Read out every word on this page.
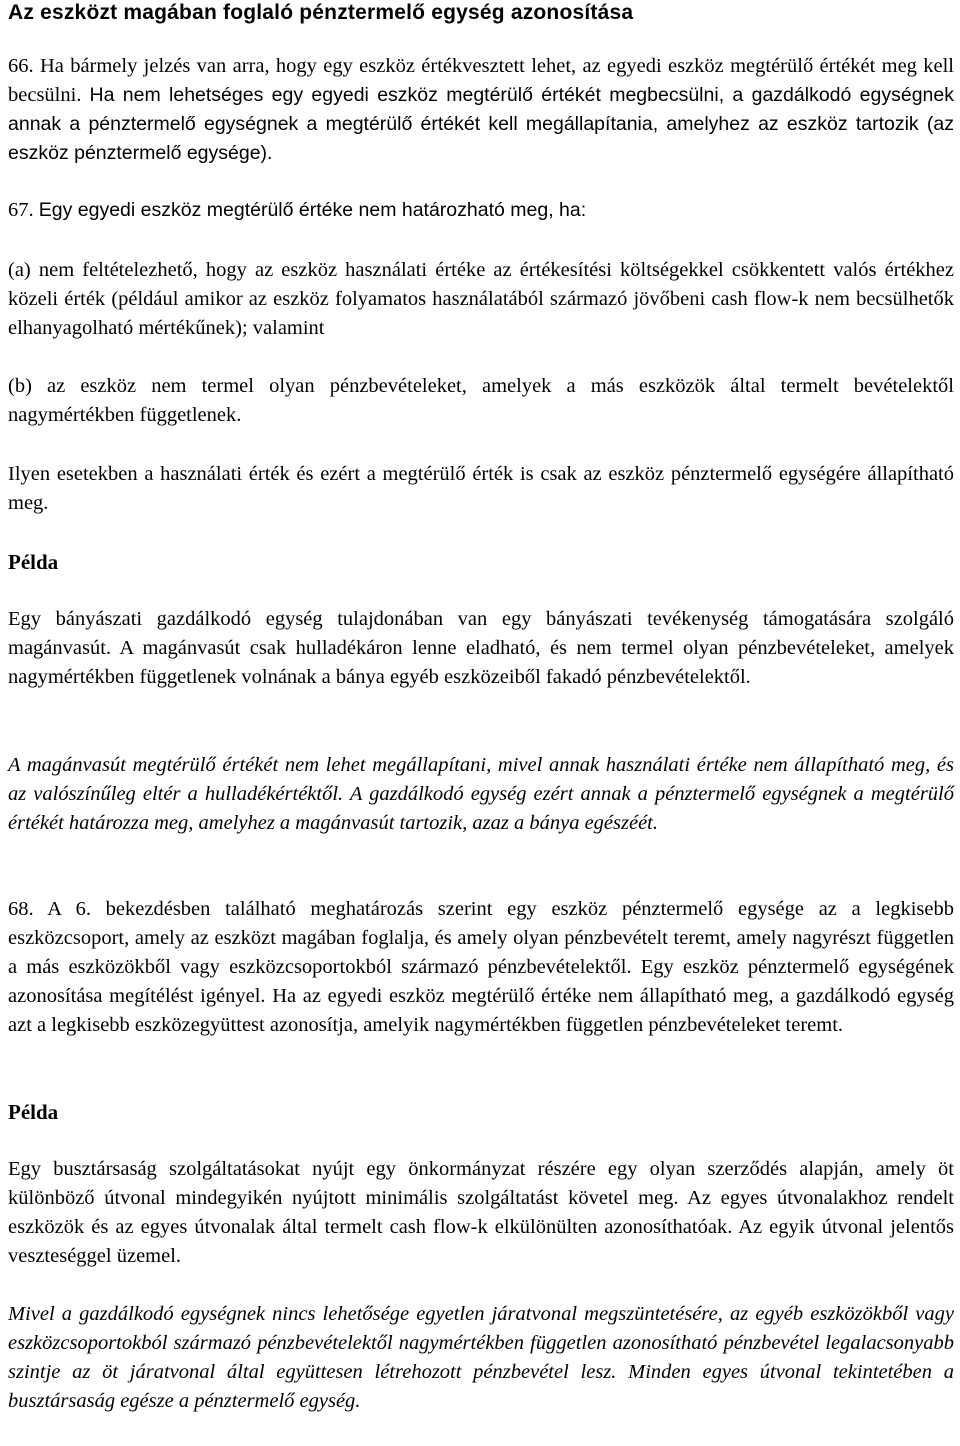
Az eszközt magában foglaló pénztermelő egység azonosítása

66. Ha bármely jelzés van arra, hogy egy eszköz értékvesztett lehet, az egyedi eszköz megtérülő értékét meg kell becsülni. Ha nem lehetséges egy egyedi eszköz megtérülő értékét megbecsülni, a gazdálkodó egységnek annak a pénztermelő egységnek a megtérülő értékét kell megállapítania, amelyhez az eszköz tartozik (az eszköz pénztermelő egysége).

67. Egy egyedi eszköz megtérülő értéke nem határozható meg, ha:

(a) nem feltételezhető, hogy az eszköz használati értéke az értékesítési költségekkel csökkentett valós értékhez közeli érték (például amikor az eszköz folyamatos használatából származó jövőbeni cash flow-k nem becsülhetők elhanyagolható mértékűnek); valamint

(b) az eszköz nem termel olyan pénzbevételeket, amelyek a más eszközök által termelt bevételektől nagymértékben függetlenek.

Ilyen esetekben a használati érték és ezért a megtérülő érték is csak az eszköz pénztermelő egységére állapítható meg.

Példa

Egy bányászati gazdálkodó egység tulajdonában van egy bányászati tevékenység támogatására szolgáló magánvasút. A magánvasút csak hulladékáron lenne eladható, és nem termel olyan pénzbevételeket, amelyek nagymértékben függetlenek volnának a bánya egyéb eszközeiből fakadó pénzbevételektől.

A magánvasút megtérülő értékét nem lehet megállapítani, mivel annak használati értéke nem állapítható meg, és az valószínűleg eltér a hulladékértéktől. A gazdálkodó egység ezért annak a pénztermelő egységnek a megtérülő értékét határozza meg, amelyhez a magánvasút tartozik, azaz a bánya egészéét.

68. A 6. bekezdésben található meghatározás szerint egy eszköz pénztermelő egysége az a legkisebb eszközcsoport, amely az eszközt magában foglalja, és amely olyan pénzbevételt teremt, amely nagyrészt független a más eszközökből vagy eszközcsoportokból származó pénzbevételektől. Egy eszköz pénztermelő egységének azonosítása megítélést igényel. Ha az egyedi eszköz megtérülő értéke nem állapítható meg, a gazdálkodó egység azt a legkisebb eszközegyüttest azonosítja, amelyik nagymértékben független pénzbevételeket teremt.

Példa

Egy busztársaság szolgáltatásokat nyújt egy önkormányzat részére egy olyan szerződés alapján, amely öt különböző útvonal mindegyikén nyújtott minimális szolgáltatást követel meg. Az egyes útvonalakhoz rendelt eszközök és az egyes útvonalak által termelt cash flow-k elkülönülten azonosíthatóak. Az egyik útvonal jelentős veszteséggel üzemel.

Mivel a gazdálkodó egységnek nincs lehetősége egyetlen járatvonal megszüntetésére, az egyéb eszközökből vagy eszközcsoportokból származó pénzbevételektől nagymértékben független azonosítható pénzbevétel legalacsonyabb szintje az öt járatvonal által együttesen létrehozott pénzbevétel lesz. Minden egyes útvonal tekintetében a busztársaság egésze a pénztermelő egység.
